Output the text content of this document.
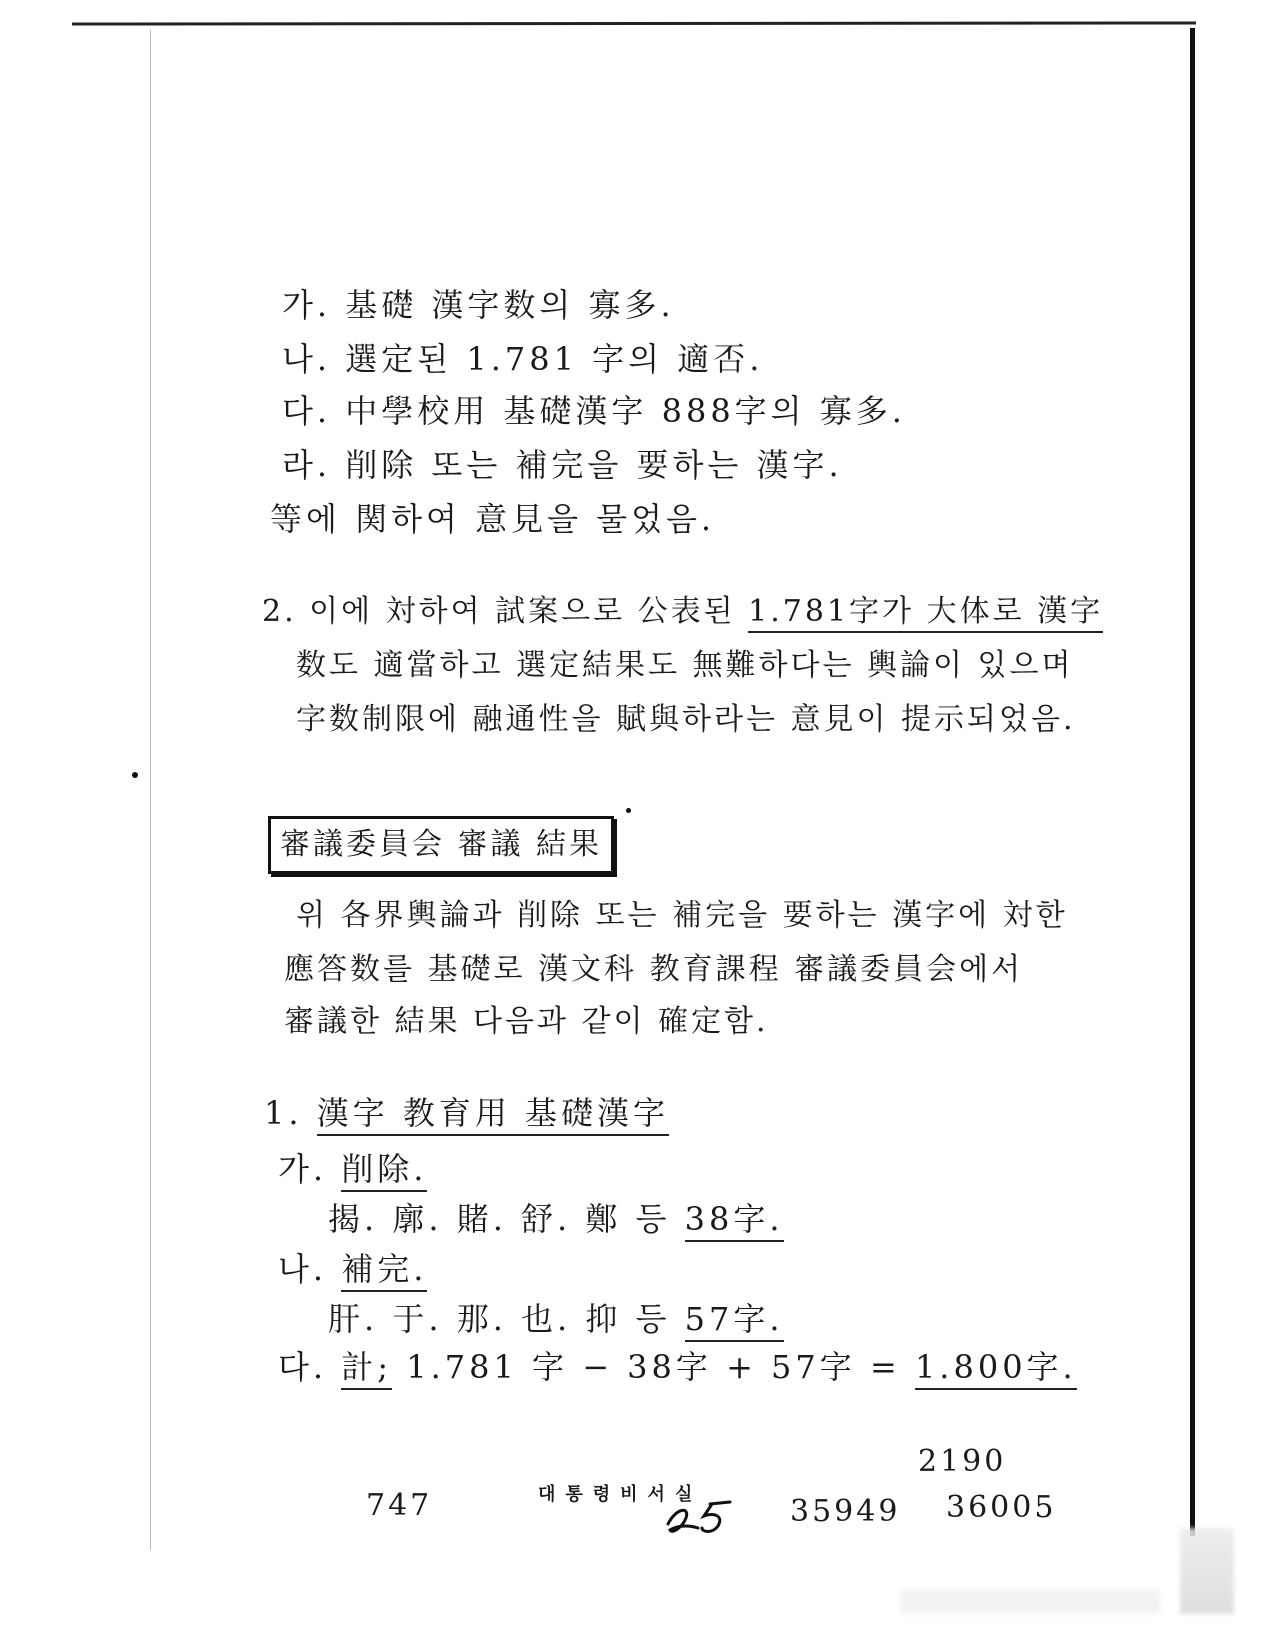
가. 基礎 漢字数의 寡多.
나. 選定된 1.781 字의 適否.
다. 中學校用 基礎漢字 888字의 寡多.
라. 削除 또는 補完을 要하는 漢字.
等에 関하여 意見을 물었음.
2. 이에 対하여 試案으로 公表된 1.781字가 大体로 漢字
数도 適當하고 選定結果도 無難하다는 輿論이 있으며
字数制限에 融通性을 賦與하라는 意見이 提示되었음.
審議委員会 審議 結果
위 各界輿論과 削除 또는 補完을 要하는 漢字에 対한
應答数를 基礎로 漢文科 教育課程 審議委員会에서
審議한 結果 다음과 같이 確定함.
1. 漢字 教育用 基礎漢字
가. 削除.
揭. 廓. 賭. 舒. 鄭 등 38字.
나. 補完.
肝. 于. 那. 也. 抑 등 57字.
다. 計; 1.781 字 − 38字 + 57字 = 1.800字.
747	대통령비서실
2190
35949 36005
